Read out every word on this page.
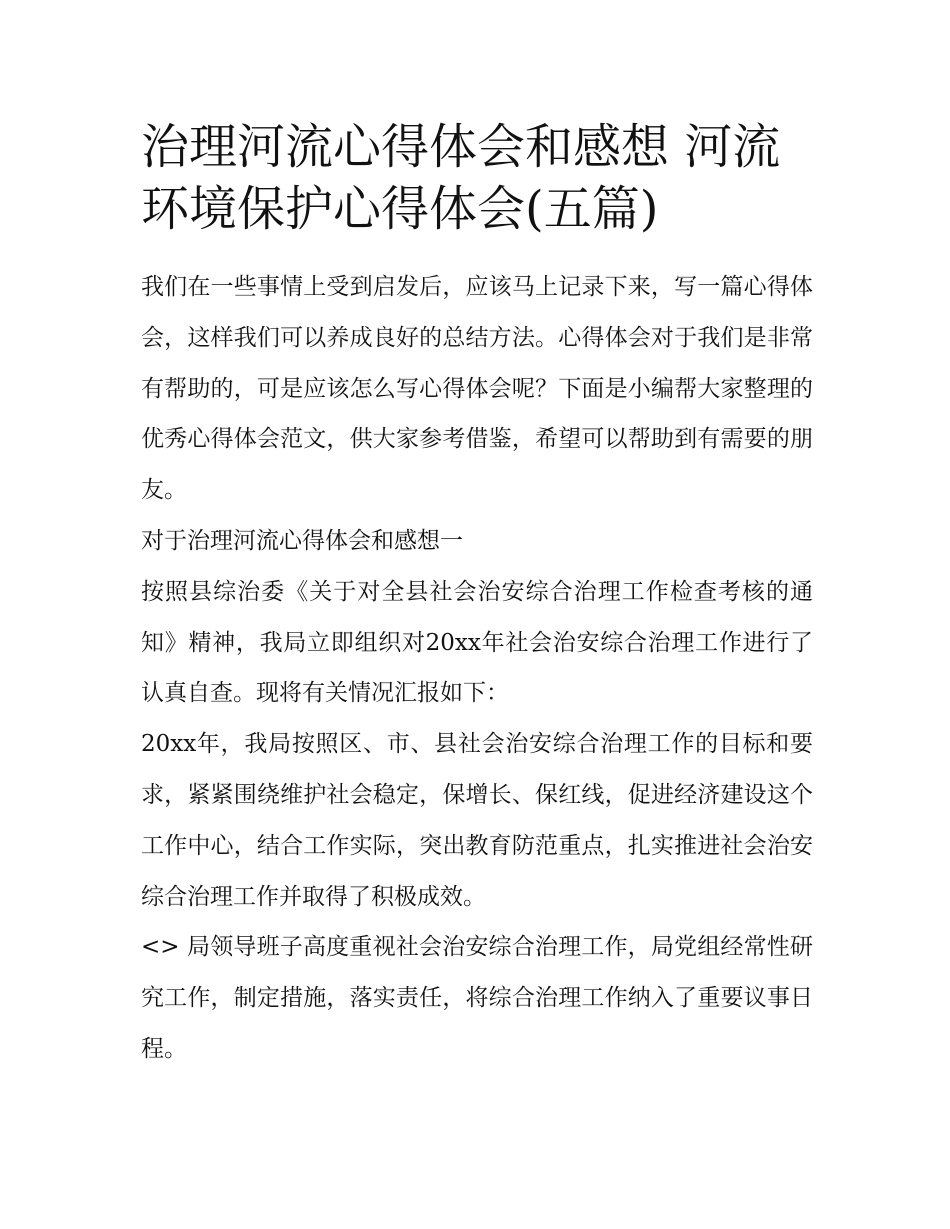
治理河流心得体会和感想 河流环境保护心得体会(五篇)

我们在一些事情上受到启发后，应该马上记录下来，写一篇心得体会，这样我们可以养成良好的总结方法。心得体会对于我们是非常有帮助的，可是应该怎么写心得体会呢？下面是小编帮大家整理的优秀心得体会范文，供大家参考借鉴，希望可以帮助到有需要的朋友。

对于治理河流心得体会和感想一

按照县综治委《关于对全县社会治安综合治理工作检查考核的通知》精神，我局立即组织对20xx年社会治安综合治理工作进行了认真自查。现将有关情况汇报如下：

20xx年，我局按照区、市、县社会治安综合治理工作的目标和要求，紧紧围绕维护社会稳定，保增长、保红线，促进经济建设这个工作中心，结合工作实际，突出教育防范重点，扎实推进社会治安综合治理工作并取得了积极成效。

<> 局领导班子高度重视社会治安综合治理工作，局党组经常性研究工作，制定措施，落实责任，将综合治理工作纳入了重要议事日程。
